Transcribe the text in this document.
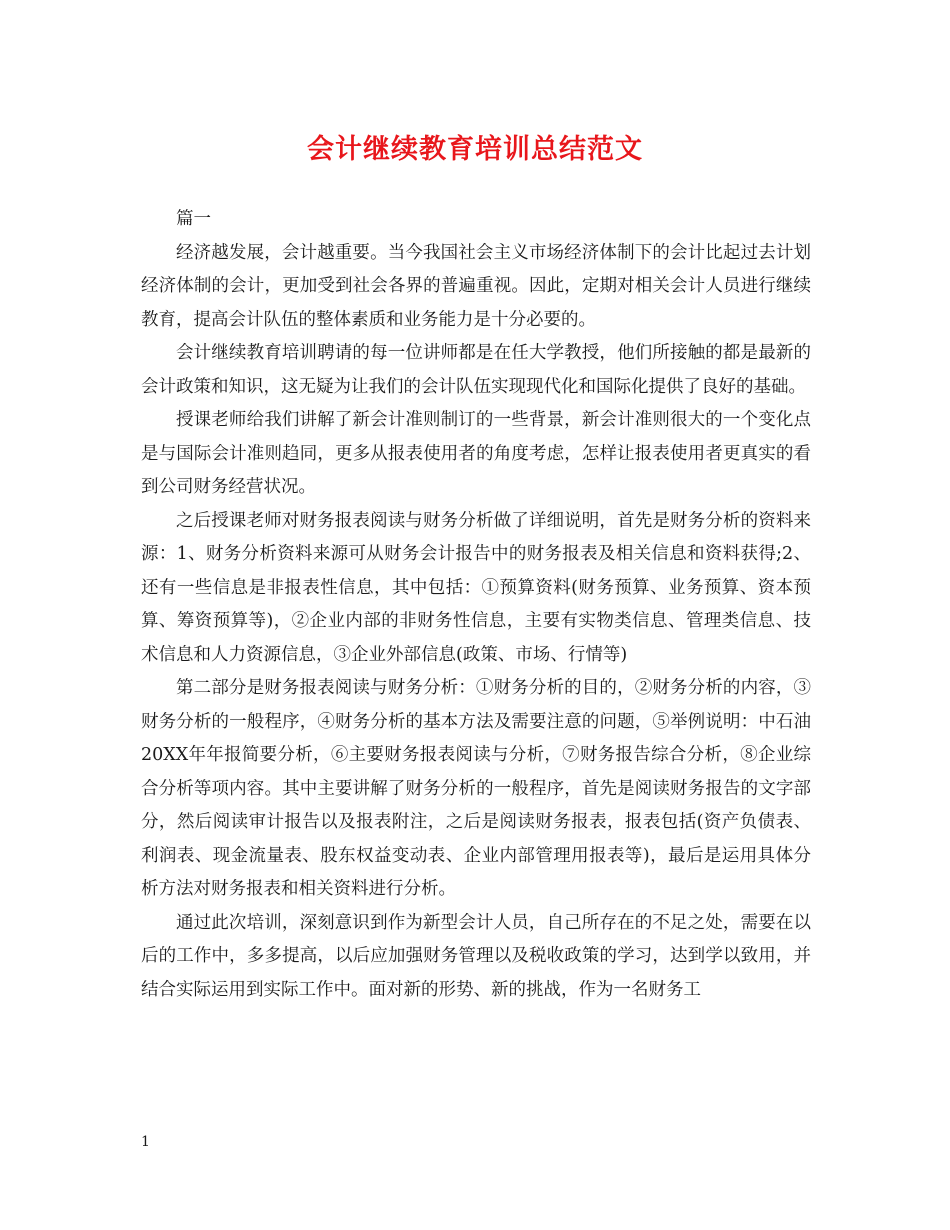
会计继续教育培训总结范文

篇一

经济越发展，会计越重要。当今我国社会主义市场经济体制下的会计比起过去计划经济体制的会计，更加受到社会各界的普遍重视。因此，定期对相关会计人员进行继续教育，提高会计队伍的整体素质和业务能力是十分必要的。

会计继续教育培训聘请的每一位讲师都是在任大学教授，他们所接触的都是最新的会计政策和知识，这无疑为让我们的会计队伍实现现代化和国际化提供了良好的基础。

授课老师给我们讲解了新会计准则制订的一些背景，新会计准则很大的一个变化点是与国际会计准则趋同，更多从报表使用者的角度考虑，怎样让报表使用者更真实的看到公司财务经营状况。

之后授课老师对财务报表阅读与财务分析做了详细说明，首先是财务分析的资料来源：1、财务分析资料来源可从财务会计报告中的财务报表及相关信息和资料获得;2、还有一些信息是非报表性信息，其中包括：①预算资料(财务预算、业务预算、资本预算、筹资预算等)，②企业内部的非财务性信息，主要有实物类信息、管理类信息、技术信息和人力资源信息，③企业外部信息(政策、市场、行情等)

第二部分是财务报表阅读与财务分析：①财务分析的目的，②财务分析的内容，③财务分析的一般程序，④财务分析的基本方法及需要注意的问题，⑤举例说明：中石油20XX年年报简要分析，⑥主要财务报表阅读与分析，⑦财务报告综合分析，⑧企业综合分析等项内容。其中主要讲解了财务分析的一般程序，首先是阅读财务报告的文字部分，然后阅读审计报告以及报表附注，之后是阅读财务报表，报表包括(资产负债表、利润表、现金流量表、股东权益变动表、企业内部管理用报表等)，最后是运用具体分析方法对财务报表和相关资料进行分析。

通过此次培训，深刻意识到作为新型会计人员，自己所存在的不足之处，需要在以后的工作中，多多提高，以后应加强财务管理以及税收政策的学习，达到学以致用，并结合实际运用到实际工作中。面对新的形势、新的挑战，作为一名财务工

1
